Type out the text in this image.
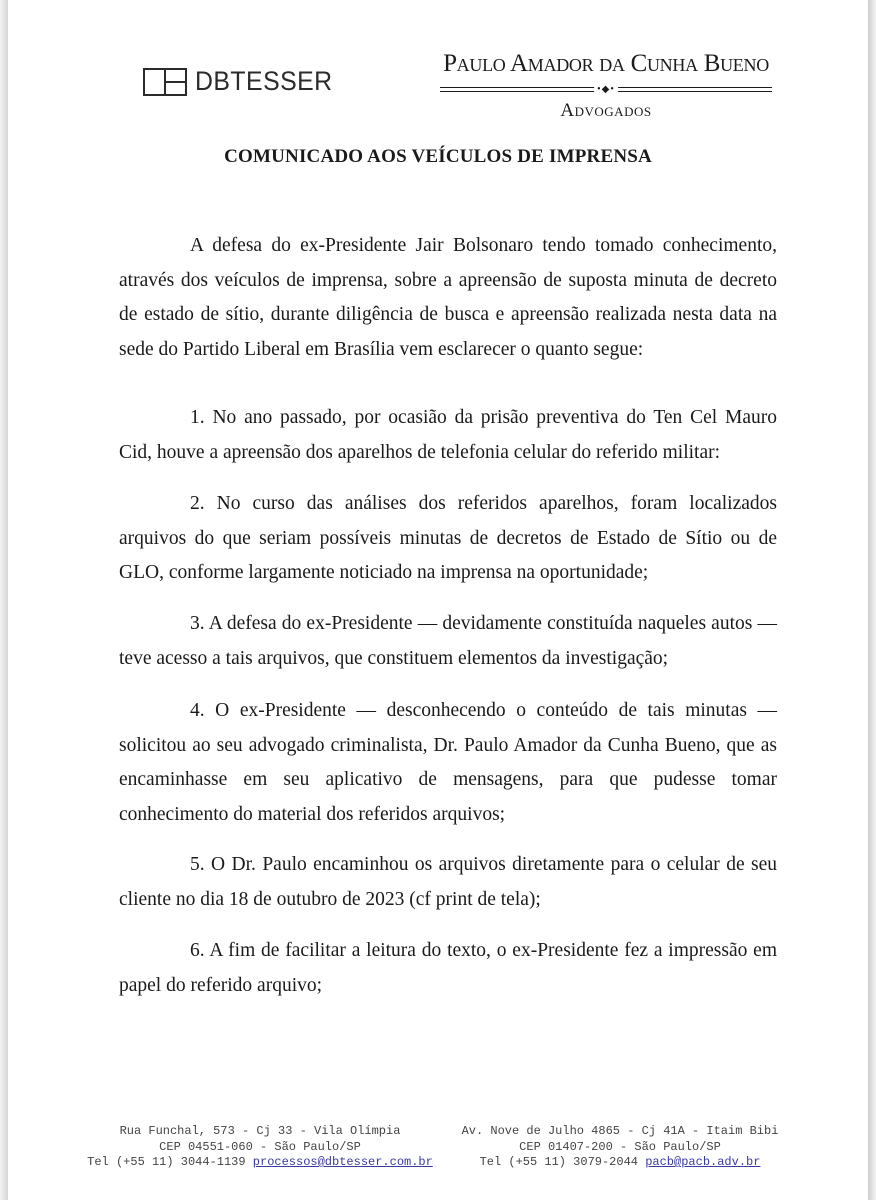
DBTESSER
Paulo Amador da Cunha Bueno
•◆•
Advogados
COMUNICADO AOS VEÍCULOS DE IMPRENSA

A defesa do ex-Presidente Jair Bolsonaro tendo tomado conhecimento, através dos veículos de imprensa, sobre a apreensão de suposta minuta de decreto de estado de sítio, durante diligência de busca e apreensão realizada nesta data na sede do Partido Liberal em Brasília vem esclarecer o quanto segue:

1. No ano passado, por ocasião da prisão preventiva do Ten Cel Mauro Cid, houve a apreensão dos aparelhos de telefonia celular do referido militar:

2. No curso das análises dos referidos aparelhos, foram localizados arquivos do que seriam possíveis minutas de decretos de Estado de Sítio ou de GLO, conforme largamente noticiado na imprensa na oportunidade;

3. A defesa do ex-Presidente — devidamente constituída naqueles autos — teve acesso a tais arquivos, que constituem elementos da investigação;

4. O ex-Presidente — desconhecendo o conteúdo de tais minutas — solicitou ao seu advogado criminalista, Dr. Paulo Amador da Cunha Bueno, que as encaminhasse em seu aplicativo de mensagens, para que pudesse tomar conhecimento do material dos referidos arquivos;

5. O Dr. Paulo encaminhou os arquivos diretamente para o celular de seu cliente no dia 18 de outubro de 2023 (cf print de tela);

6. A fim de facilitar a leitura do texto, o ex-Presidente fez a impressão em papel do referido arquivo;

Rua Funchal, 573 - Cj 33 - Vila Olímpia
CEP 04551-060 - São Paulo/SP
Tel (+55 11) 3044-1139 processos@dbtesser.com.br
Av. Nove de Julho 4865 - Cj 41A - Itaim Bibi
CEP 01407-200 - São Paulo/SP
Tel (+55 11) 3079-2044 pacb@pacb.adv.br
